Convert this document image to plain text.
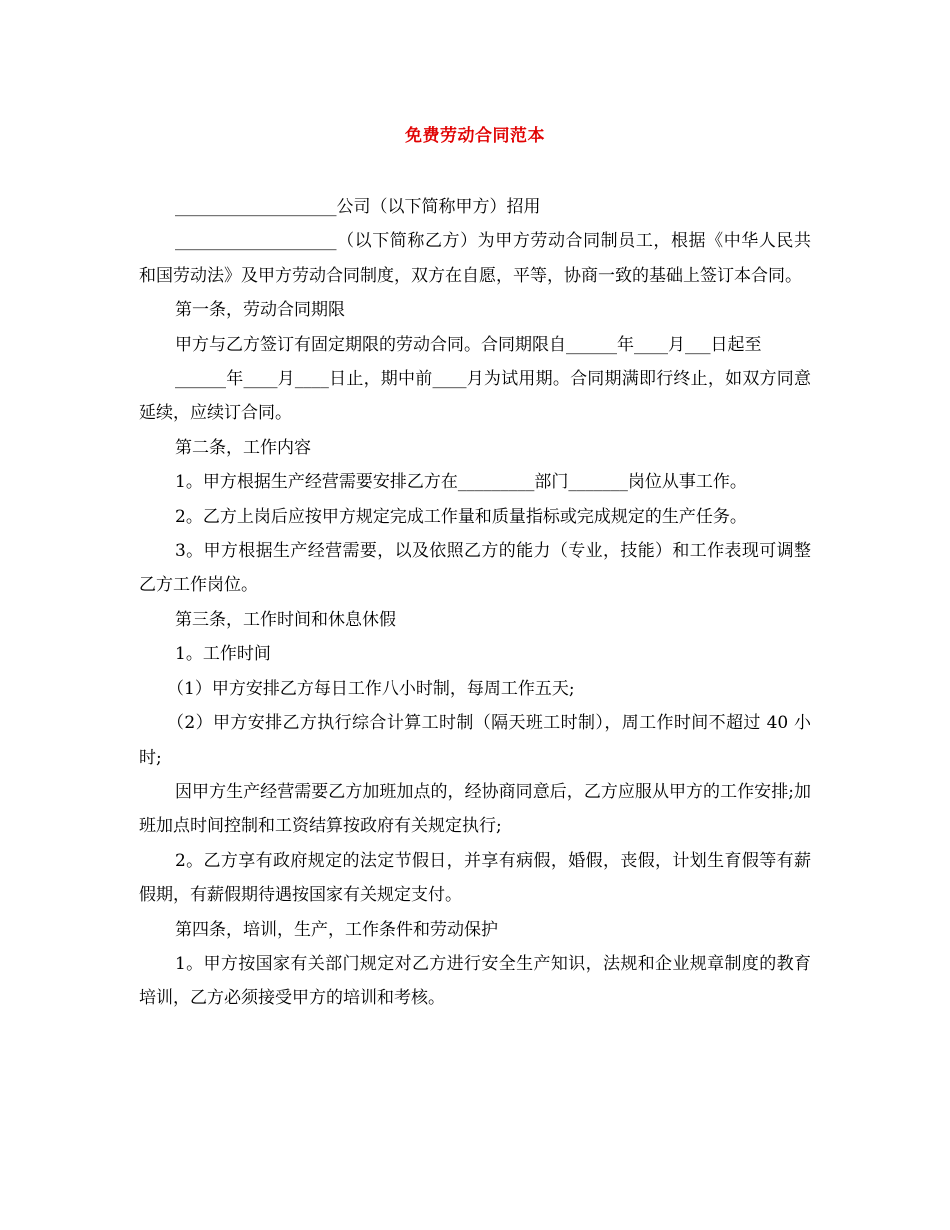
免费劳动合同范本

___________________公司（以下简称甲方）招用

___________________（以下简称乙方）为甲方劳动合同制员工，根据《中华人民共和国劳动法》及甲方劳动合同制度，双方在自愿，平等，协商一致的基础上签订本合同。

第一条，劳动合同期限

甲方与乙方签订有固定期限的劳动合同。合同期限自______年____月___日起至

______年____月____日止，期中前____月为试用期。合同期满即行终止，如双方同意延续，应续订合同。

第二条，工作内容

1。甲方根据生产经营需要安排乙方在_________部门_______岗位从事工作。

2。乙方上岗后应按甲方规定完成工作量和质量指标或完成规定的生产任务。

3。甲方根据生产经营需要，以及依照乙方的能力（专业，技能）和工作表现可调整乙方工作岗位。

第三条，工作时间和休息休假

1。工作时间

（1）甲方安排乙方每日工作八小时制，每周工作五天;

（2）甲方安排乙方执行综合计算工时制（隔天班工时制），周工作时间不超过 40 小时;

因甲方生产经营需要乙方加班加点的，经协商同意后，乙方应服从甲方的工作安排;加班加点时间控制和工资结算按政府有关规定执行;

2。乙方享有政府规定的法定节假日，并享有病假，婚假，丧假，计划生育假等有薪假期，有薪假期待遇按国家有关规定支付。

第四条，培训，生产，工作条件和劳动保护

1。甲方按国家有关部门规定对乙方进行安全生产知识，法规和企业规章制度的教育培训，乙方必须接受甲方的培训和考核。
